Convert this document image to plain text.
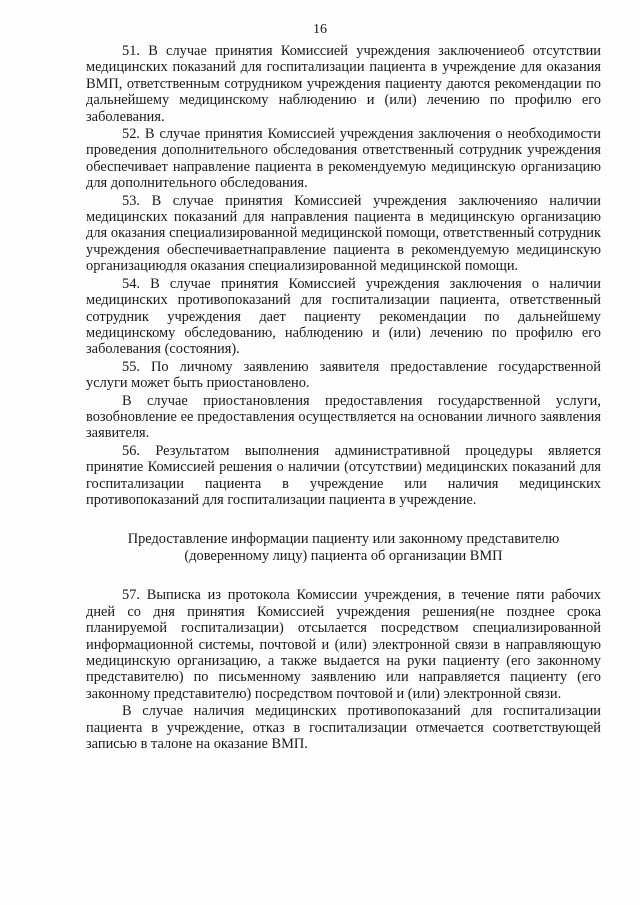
16

51. В случае принятия Комиссией учреждения заключениеоб отсутствии медицинских показаний для госпитализации пациента в учреждение для оказания ВМП, ответственным сотрудником учреждения пациенту даются рекомендации по дальнейшему медицинскому наблюдению и (или) лечению по профилю его заболевания.

52. В случае принятия Комиссией учреждения заключения о необходимости проведения дополнительного обследования ответственный сотрудник учреждения обеспечивает направление пациента в рекомендуемую медицинскую организацию для дополнительного обследования.

53. В случае принятия Комиссией учреждения заключенияо наличии медицинских показаний для направления пациента в медицинскую организацию для оказания специализированной медицинской помощи, ответственный сотрудник учреждения обеспечиваетнаправление пациента в рекомендуемую медицинскую организациюдля оказания специализированной медицинской помощи.

54. В случае принятия Комиссией учреждения заключения о наличии медицинских противопоказаний для госпитализации пациента, ответственный сотрудник учреждения дает пациенту рекомендации по дальнейшему медицинскому обследованию, наблюдению и (или) лечению по профилю его заболевания (состояния).

55. По личному заявлению заявителя предоставление государственной услуги может быть приостановлено.

В случае приостановления предоставления государственной услуги, возобновление ее предоставления осуществляется на основании личного заявления заявителя.

56. Результатом выполнения административной процедуры является принятие Комиссией решения о наличии (отсутствии) медицинских показаний для госпитализации пациента в учреждение или наличия медицинских противопоказаний для госпитализации пациента в учреждение.

Предоставление информации пациенту или законному представителю (доверенному лицу) пациента об организации ВМП

57. Выписка из протокола Комиссии учреждения, в течение пяти рабочих дней со дня принятия Комиссией учреждения решения(не позднее срока планируемой госпитализации) отсылается посредством специализированной информационной системы, почтовой и (или) электронной связи в направляющую медицинскую организацию, а также выдается на руки пациенту (его законному представителю) по письменному заявлению или направляется пациенту (его законному представителю) посредством почтовой и (или) электронной связи.

В случае наличия медицинских противопоказаний для госпитализации пациента в учреждение, отказ в госпитализации отмечается соответствующей записью в талоне на оказание ВМП.
